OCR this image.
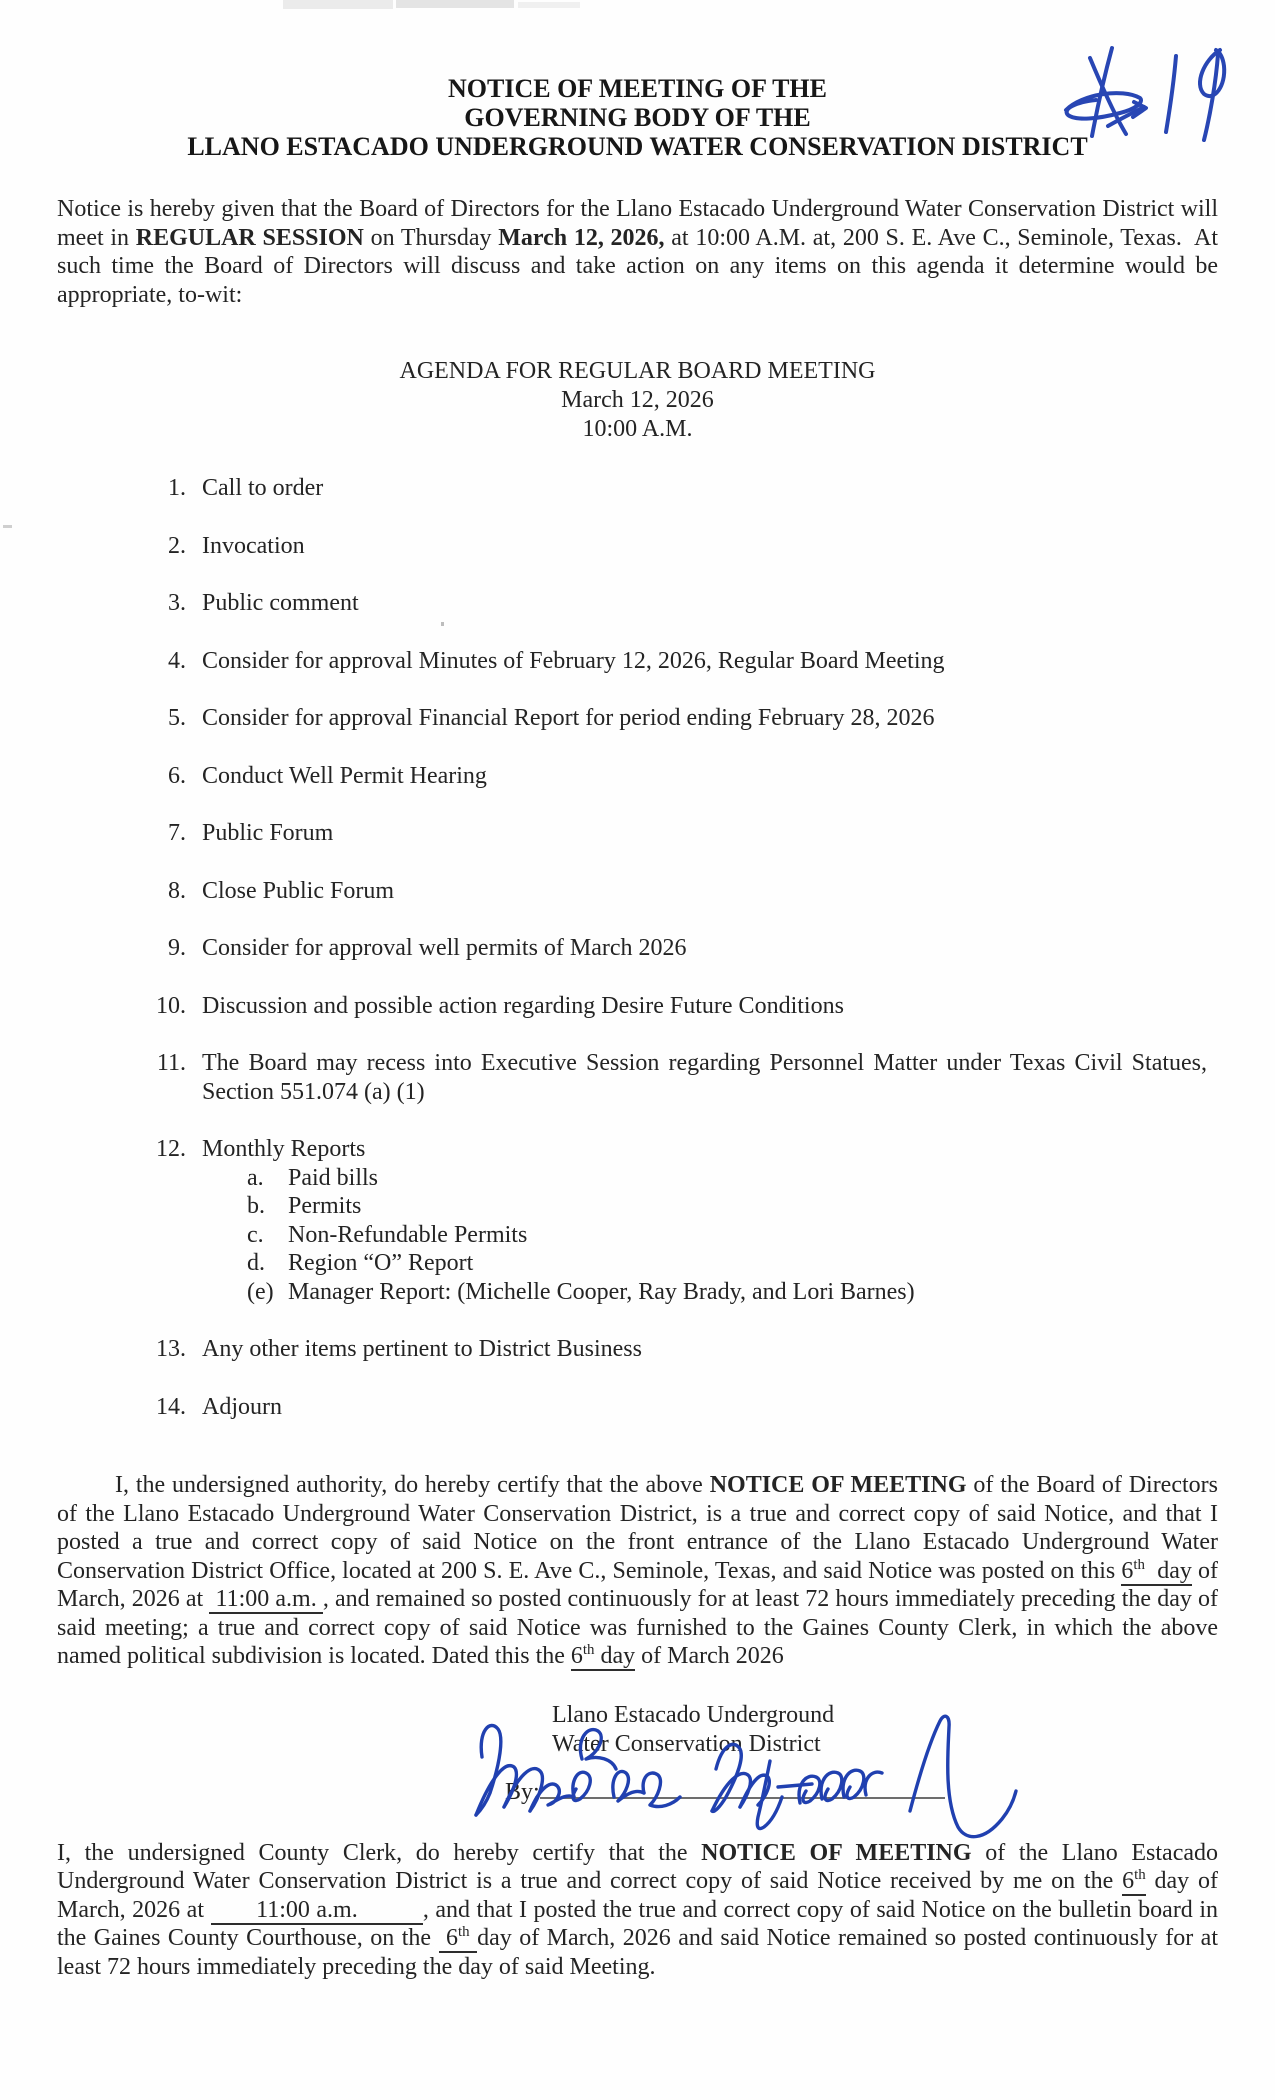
NOTICE OF MEETING OF THE
GOVERNING BODY OF THE
LLANO ESTACADO UNDERGROUND WATER CONSERVATION DISTRICT

Notice is hereby given that the Board of Directors for the Llano Estacado Underground Water Conservation District will meet in REGULAR SESSION on Thursday March 12, 2026, at 10:00 A.M. at, 200 S. E. Ave C., Seminole, Texas.  At such time the Board of Directors will discuss and take action on any items on this agenda it determine would be appropriate, to-wit:

AGENDA FOR REGULAR BOARD MEETING
March 12, 2026
10:00 A.M.
1. Call to order
2. Invocation
3. Public comment
4. Consider for approval Minutes of February 12, 2026, Regular Board Meeting
5. Consider for approval Financial Report for period ending February 28, 2026
6. Conduct Well Permit Hearing
7. Public Forum
8. Close Public Forum
9. Consider for approval well permits of March 2026
10. Discussion and possible action regarding Desire Future Conditions
11. The Board may recess into Executive Session regarding Personnel Matter under Texas Civil Statues, Section 551.074 (a) (1)
12. Monthly Reports
a.	Paid bills
b. Permits
c.	Non-Refundable Permits
d. Region “O” Report
(e) Manager Report: (Michelle Cooper, Ray Brady, and Lori Barnes)
13. Any other items pertinent to District Business
14. Adjourn

I, the undersigned authority, do hereby certify that the above NOTICE OF MEETING of the Board of Directors of the Llano Estacado Underground Water Conservation District, is a true and correct copy of said Notice, and that I posted a true and correct copy of said Notice on the front entrance of the Llano Estacado Underground Water Conservation District Office, located at 200 S. E. Ave C., Seminole, Texas, and said Notice was posted on this 6th  day of March, 2026 at  11:00 a.m. , and remained so posted continuously for at least 72 hours immediately preceding the day of said meeting; a true and correct copy of said Notice was furnished to the Gaines County Clerk, in which the above named political subdivision is located. Dated this the 6th day of March 2026

Llano Estacado Underground
Water Conservation District
By:

I, the undersigned County Clerk, do hereby certify that the NOTICE OF MEETING of the Llano Estacado Underground Water Conservation District is a true and correct copy of said Notice received by me on the 6th day of March, 2026 at        11:00 a.m.          , and that I posted the true and correct copy of said Notice on the bulletin board in the Gaines County Courthouse, on the  6th day of March, 2026 and said Notice remained so posted continuously for at least 72 hours immediately preceding the day of said Meeting.
